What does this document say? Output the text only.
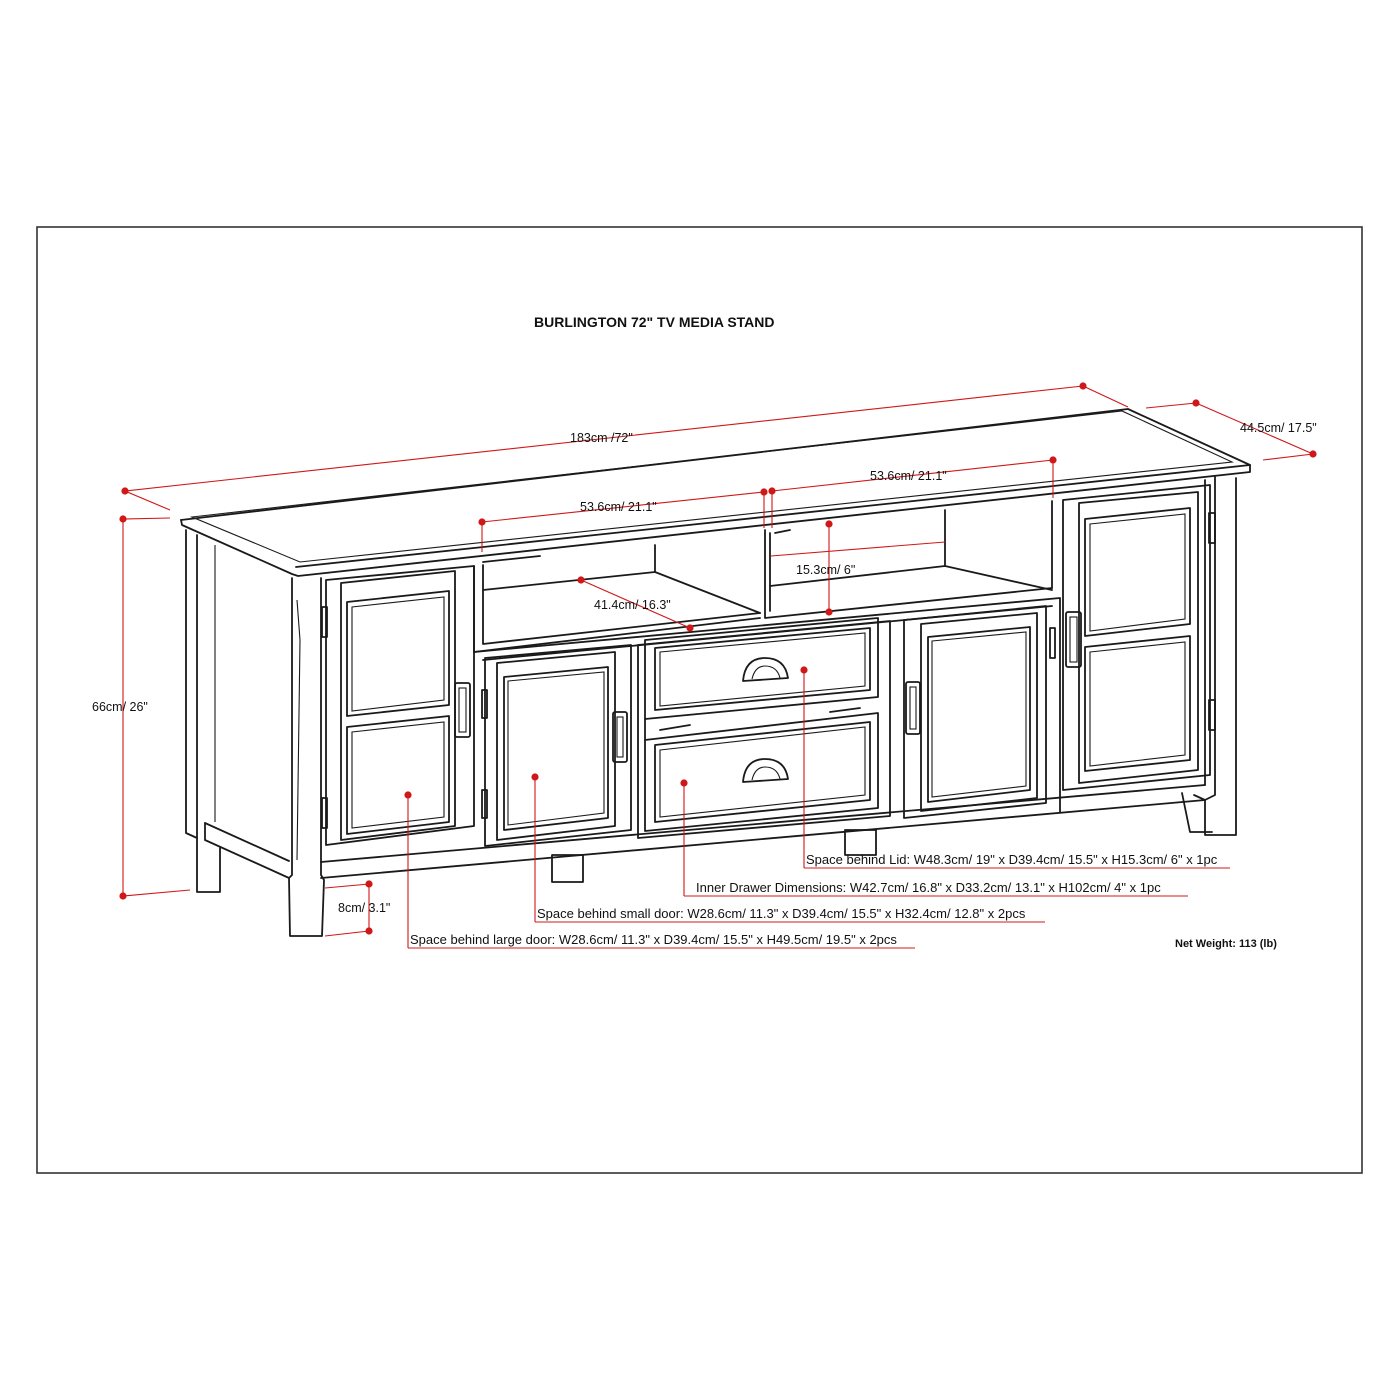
BURLINGTON 72" TV MEDIA STAND
183cm /72"
44.5cm/ 17.5"
66cm/ 26"
53.6cm/ 21.1"
53.6cm/ 21.1"
41.4cm/ 16.3"
15.3cm/ 6"
8cm/ 3.1"
Space behind Lid: W48.3cm/ 19" x D39.4cm/ 15.5" x H15.3cm/ 6" x 1pc
Inner Drawer Dimensions: W42.7cm/ 16.8" x D33.2cm/ 13.1" x H102cm/ 4" x 1pc
Space behind small door: W28.6cm/ 11.3" x D39.4cm/ 15.5" x H32.4cm/ 12.8" x 2pcs
Space behind large door: W28.6cm/ 11.3" x D39.4cm/ 15.5" x H49.5cm/ 19.5" x 2pcs	Net Weight: 113 (lb)
